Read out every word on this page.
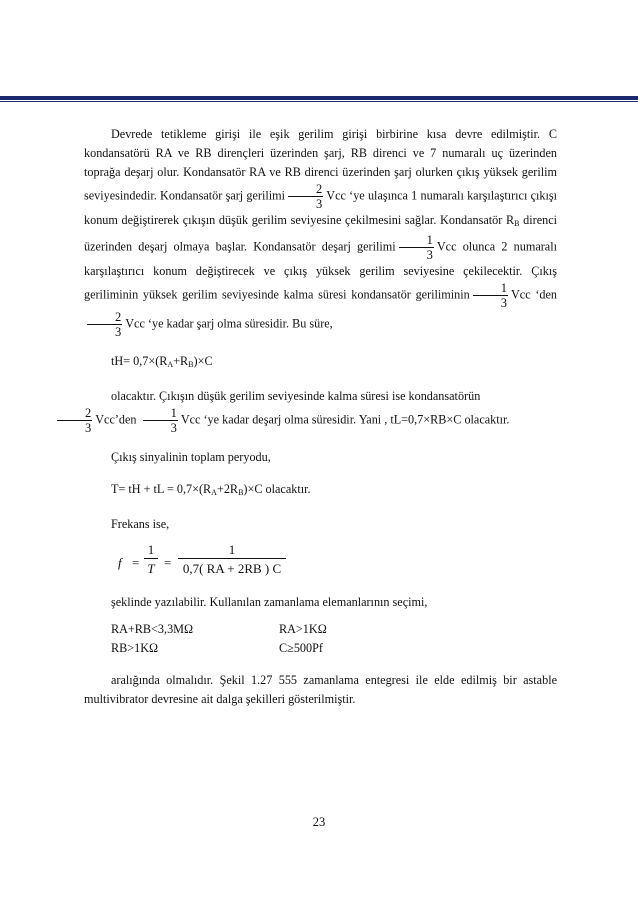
Devrede tetikleme girişi ile eşik gerilim girişi birbirine kısa devre edilmiştir. C kondansatörü RA ve RB dirençleri üzerinden şarj, RB direnci ve 7 numaralı uç üzerinden toprağa deşarj olur. Kondansatör RA ve RB direnci üzerinden şarj olurken çıkış yüksek gerilim seviyesindedir. Kondansatör şarj gerilimi $\frac{2}{3}$ Vcc ‘ye ulaşınca 1 numaralı karşılaştırıcı çıkışı konum değiştirerek çıkışın düşük gerilim seviyesine çekilmesini sağlar. Kondansatör $R_B$ direnci üzerinden deşarj olmaya başlar. Kondansatör deşarj gerilimi $\frac{1}{3}$ Vcc olunca 2 numaralı karşılaştırıcı konum değiştirecek ve çıkış yüksek gerilim seviyesine çekilecektir. Çıkış geriliminin yüksek gerilim seviyesinde kalma süresi kondansatör geriliminin $\frac{1}{3}$ Vcc ‘den
$\frac{2}{3}$ Vcc ‘ye kadar şarj olma süresidir. Bu süre,

$tH= 0,7\times(R_A+R_B)\times C$

olacaktır. Çıkışın düşük gerilim seviyesinde kalma süresi ise kondansatörün

$\frac{2}{3}$ Vcc’den $\frac{1}{3}$ Vcc ‘ye kadar deşarj olma süresidir. Yani , tL=0,7×RB×C olacaktır.

Çıkış sinyalinin toplam peryodu,

T= tH + tL = $0,7\times(R_A+2R_B)\times C$ olacaktır.

Frekans ise,

$f = \frac{1}{T} = \frac{1}{0,7( RA + 2RB ) C}$

şeklinde yazılabilir. Kullanılan zamanlama elemanlarının seçimi,

RA+RB<3,3MΩ	RA>1KΩ
RB>1KΩ	C≥500Pf

aralığında olmalıdır. Şekil 1.27 555 zamanlama entegresi ile elde edilmiş bir astable multivibrator devresine ait dalga şekilleri gösterilmiştir.

23
